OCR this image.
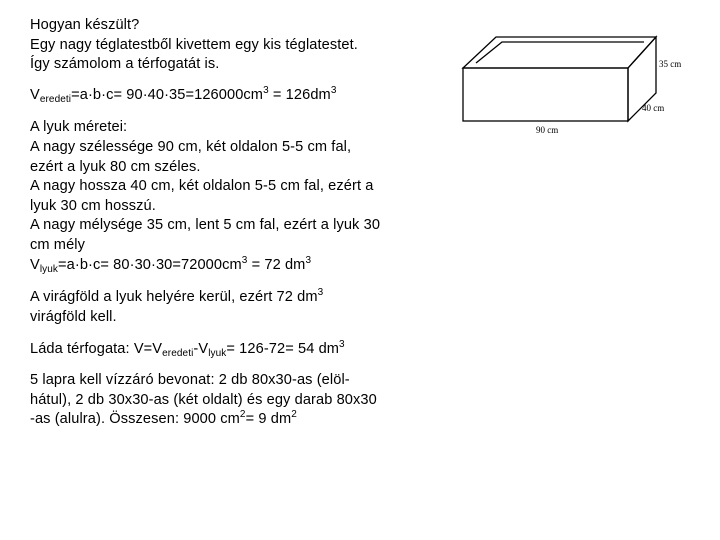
Hogyan készült?

Egy nagy téglatestből kivettem egy kis téglatestet.

Így számolom a térfogatát is.

$V_{eredeti}=a\cdot b\cdot c= 90\cdot 40\cdot 35=126000cm^3 = 126dm^3$

A lyuk méretei:

A nagy szélessége 90 cm, két oldalon 5-5 cm fal,

ezért a lyuk 80 cm széles.

A nagy hossza 40 cm, két oldalon 5-5 cm fal, ezért a

lyuk 30 cm hosszú.

A nagy mélysége 35 cm, lent 5 cm fal, ezért a lyuk 30

cm mély

$V_{lyuk}=a\cdot b\cdot c= 80\cdot 30\cdot 30=72000cm^3 = 72$ $dm^3$

A virágföld a lyuk helyére kerül, ezért 72 $dm^3$

virágföld kell.

Láda térfogata: $V=V_{eredeti}-V_{lyuk}= 126-72= 54$ $dm^3$

5 lapra kell vízzáró bevonat: 2 db 80x30-as (elöl-

hátul), 2 db 30x30-as (két oldalt) és egy darab 80x30

-as (alulra). Összesen: 9000 $cm^2= 9$ $dm^2$

35 cm
40 cm
90 cm
